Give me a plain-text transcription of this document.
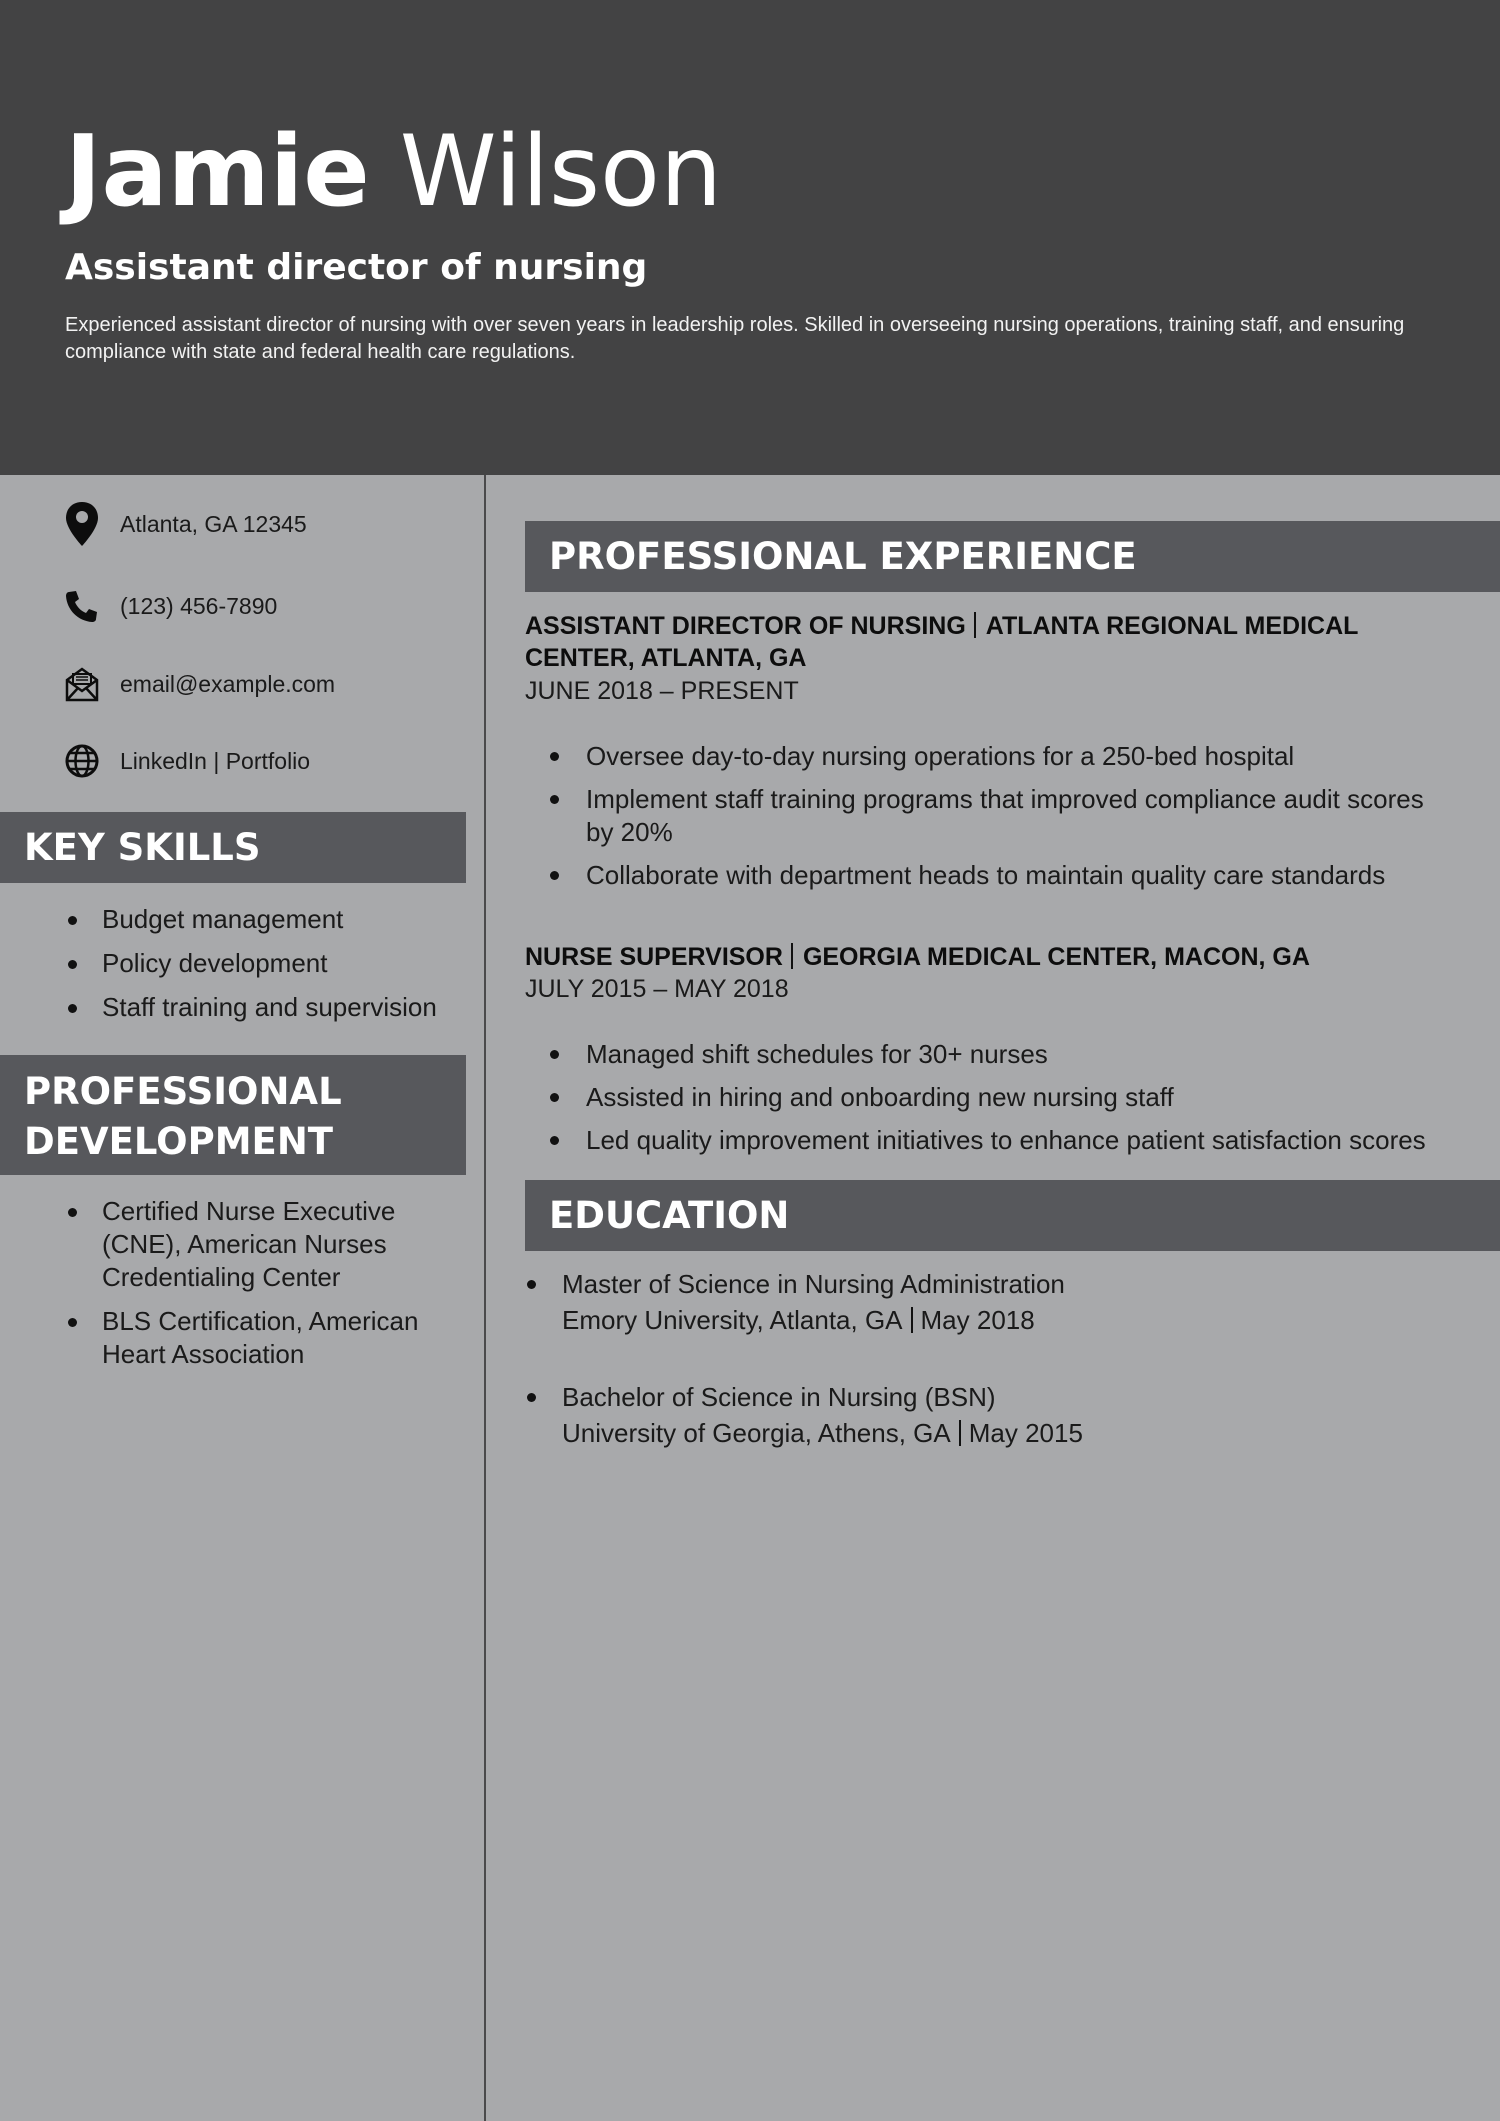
Jamie Wilson
Assistant director of nursing
Experienced assistant director of nursing with over seven years in leadership roles. Skilled in overseeing nursing operations, training staff, and ensuring compliance with state and federal health care regulations.
Atlanta, GA 12345
(123) 456-7890
email@example.com
LinkedIn | Portfolio
KEY SKILLS
Budget management
Policy development
Staff training and supervision
PROFESSIONAL
DEVELOPMENT
Certified Nurse Executive (CNE), American Nurses Credentialing Center
BLS Certification, American Heart Association
PROFESSIONAL EXPERIENCE
ASSISTANT DIRECTOR OF NURSING ATLANTA REGIONAL MEDICAL CENTER, ATLANTA, GA
JUNE 2018 – PRESENT
Oversee day-to-day nursing operations for a 250-bed hospital
Implement staff training programs that improved compliance audit scores by 20%
Collaborate with department heads to maintain quality care standards
NURSE SUPERVISOR GEORGIA MEDICAL CENTER, MACON, GA
JULY 2015 – MAY 2018
Managed shift schedules for 30+ nurses
Assisted in hiring and onboarding new nursing staff
Led quality improvement initiatives to enhance patient satisfaction scores
EDUCATION
Master of Science in Nursing Administration
Emory University, Atlanta, GA May 2018
Bachelor of Science in Nursing (BSN)
University of Georgia, Athens, GA May 2015
